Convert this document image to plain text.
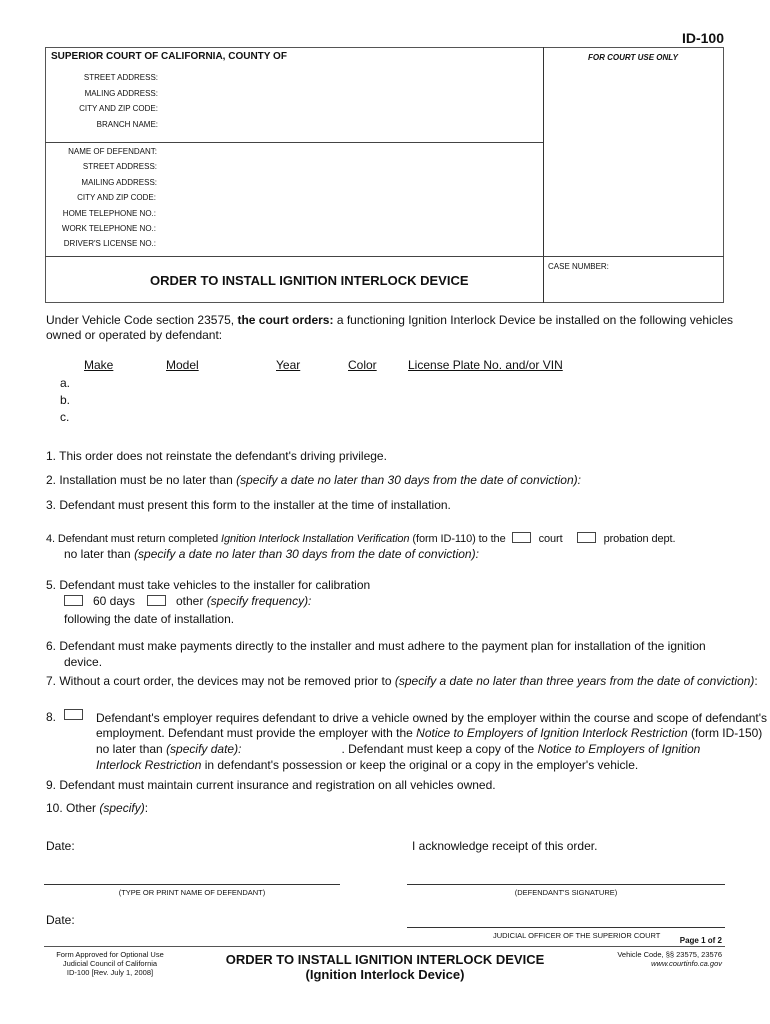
ID-100
SUPERIOR COURT OF CALIFORNIA, COUNTY OF
STREET ADDRESS:
MALING ADDRESS:
CITY AND ZIP CODE:
BRANCH NAME:
NAME OF DEFENDANT:
STREET ADDRESS:
MAILING ADDRESS:
CITY AND ZIP CODE:
HOME TELEPHONE NO.:
WORK TELEPHONE NO.:
DRIVER'S LICENSE NO.:
FOR COURT USE ONLY
CASE NUMBER:
ORDER TO INSTALL IGNITION INTERLOCK DEVICE
Under Vehicle Code section 23575, the court orders: a functioning Ignition Interlock Device be installed on the following vehicles
owned or operated by defendant:
Make	Model	Year	Color	License Plate No. and/or VIN
a.
b.
c.
1. This order does not reinstate the defendant's driving privilege.
2. Installation must be no later than (specify a date no later than 30 days from the date of conviction):
3. Defendant must present this form to the installer at the time of installation.
4. Defendant must return completed Ignition Interlock Installation Verification (form ID-110) to the	court	probation dept.
no later than (specify a date no later than 30 days from the date of conviction):
5. Defendant must take vehicles to the installer for calibration
60 days	other (specify frequency):
following the date of installation.
6. Defendant must make payments directly to the installer and must adhere to the payment plan for installation of the ignition
device.
7. Without a court order, the devices may not be removed prior to (specify a date no later than three years from the date of conviction):
8.	Defendant's employer requires defendant to drive a vehicle owned by the employer within the course and scope of defendant's
employment. Defendant must provide the employer with the Notice to Employers of Ignition Interlock Restriction (form ID-150)
no later than (specify date):	. Defendant must keep a copy of the Notice to Employers of Ignition
Interlock Restriction in defendant's possession or keep the original or a copy in the employer's vehicle.
9. Defendant must maintain current insurance and registration on all vehicles owned.
10. Other (specify):
Date:	I acknowledge receipt of this order.
(TYPE OR PRINT NAME OF DEFENDANT)	(DEFENDANT'S SIGNATURE)
Date:
JUDICIAL OFFICER OF THE SUPERIOR COURT
Page 1 of 2
Form Approved for Optional Use
Judicial Council of California
ID-100 [Rev. July 1, 2008]
ORDER TO INSTALL IGNITION INTERLOCK DEVICE
(Ignition Interlock Device)
Vehicle Code, §§ 23575, 23576
www.courtinfo.ca.gov
